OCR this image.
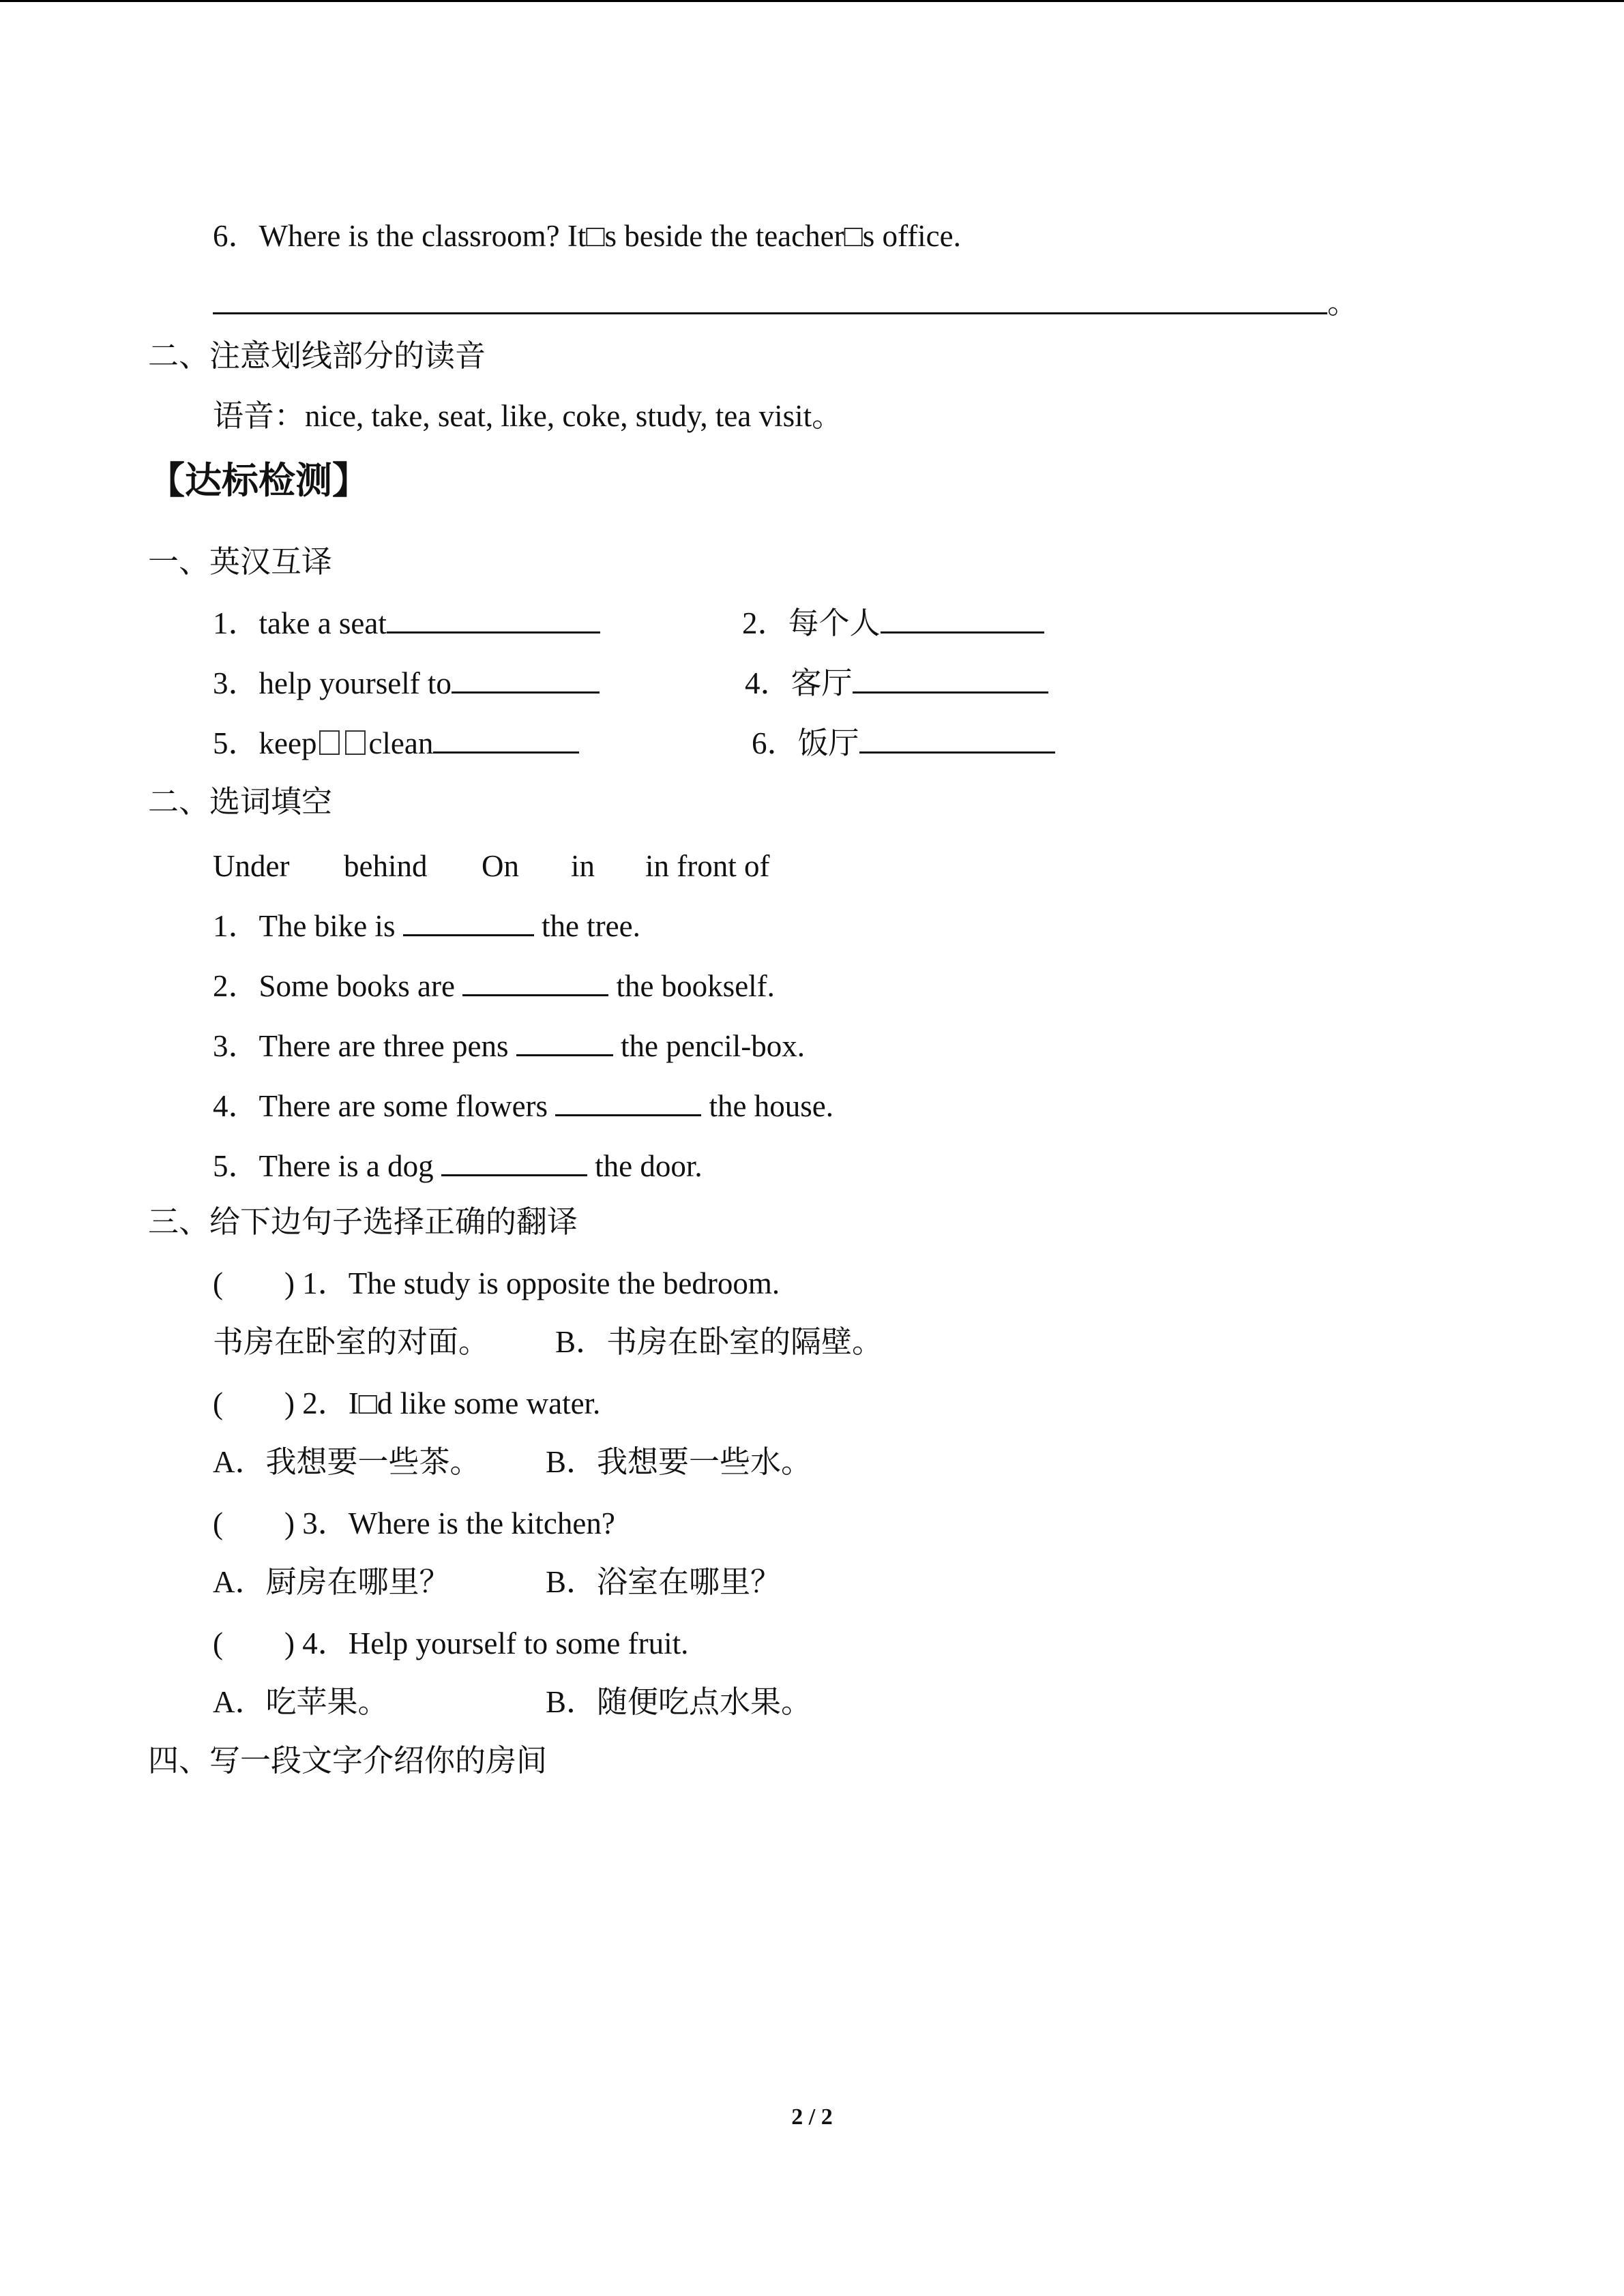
6．Where is the classroom? It□s beside the teacher□s office.
。
二、注意划线部分的读音
语音：nice, take, seat, like, coke, study, tea visit。
【达标检测】
一、英汉互译
1．take a seat	2．每个人
3．help yourself to	4．客厅
5．keep clean	6．饭厅
二、选词填空
Under behind On in in front of
1．The bike is	the tree.
2．Some books are	the bookself.
3．There are three pens	the pencil-box.
4．There are some flowers	the house.
5．There is a dog	the door.
三、给下边句子选择正确的翻译
(        ) 1．The study is opposite the bedroom.
书房在卧室的对面。 B．书房在卧室的隔壁。
(        ) 2．I□d like some water.
A．我想要一些茶。 B．我想要一些水。
(        ) 3．Where is the kitchen?
A．厨房在哪里？	B．浴室在哪里？
(        ) 4．Help yourself to some fruit.
A．吃苹果。	B．随便吃点水果。
四、写一段文字介绍你的房间
2 / 2
